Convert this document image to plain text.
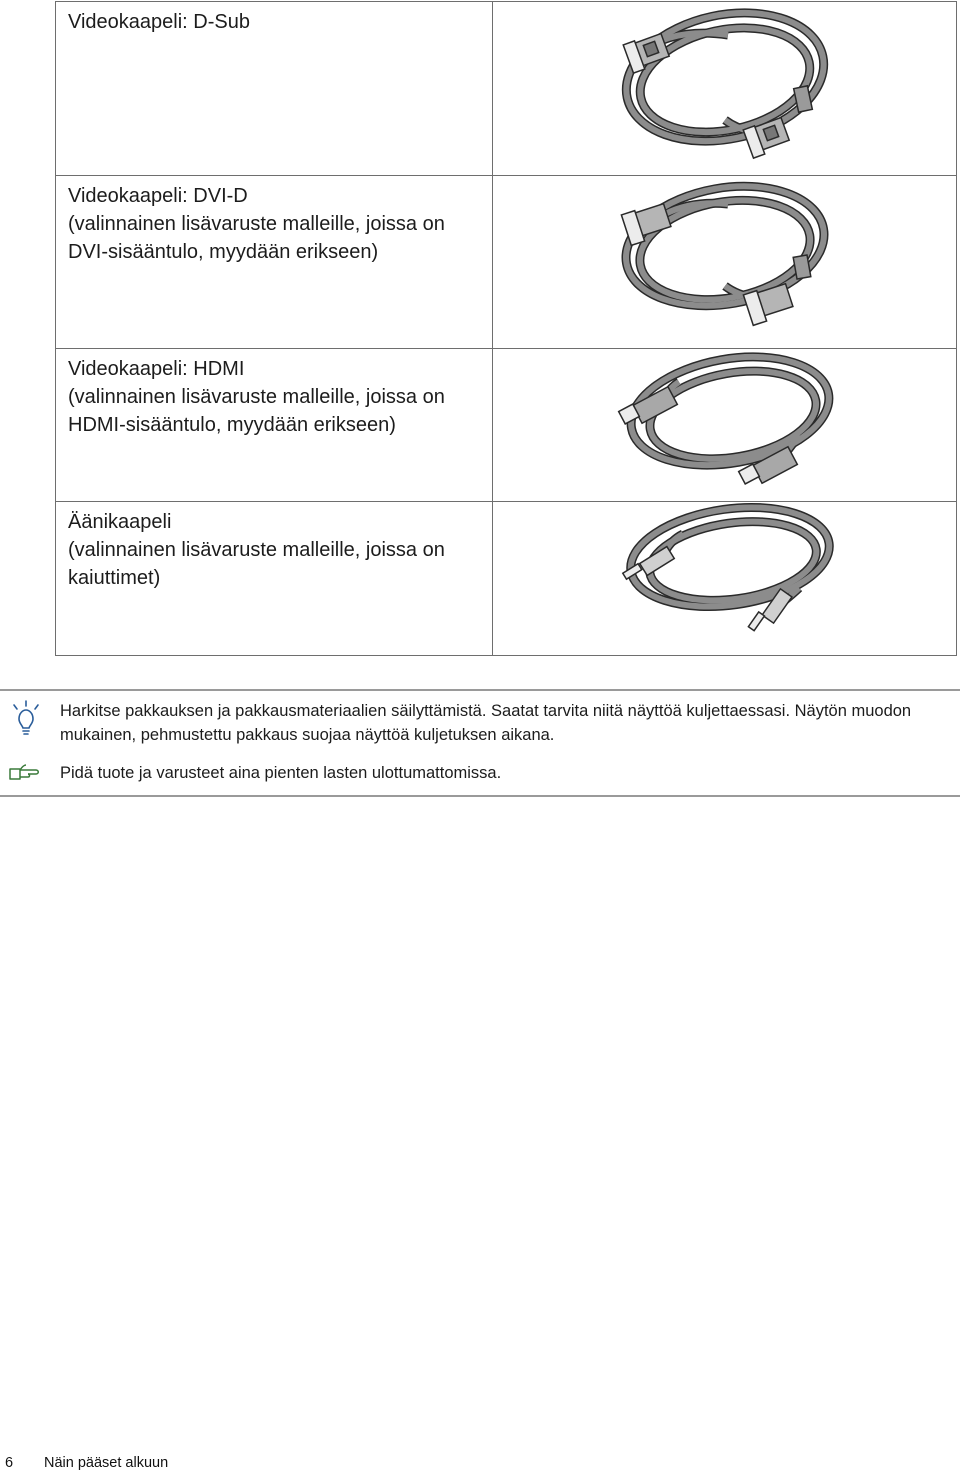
Videokaapeli: D-Sub

Videokaapeli: DVI-D
(valinnainen lisävaruste malleille, joissa on
DVI-sisääntulo, myydään erikseen)

Videokaapeli: HDMI
(valinnainen lisävaruste malleille, joissa on
HDMI-sisääntulo, myydään erikseen)

Äänikaapeli
(valinnainen lisävaruste malleille, joissa on
kaiuttimet)

Harkitse pakkauksen ja pakkausmateriaalien säilyttämistä. Saatat tarvita niitä näyttöä kuljettaessasi. Näytön muodon mukainen, pehmustettu pakkaus suojaa näyttöä kuljetuksen aikana.
Pidä tuote ja varusteet aina pienten lasten ulottumattomissa.
6 Näin pääset alkuun
